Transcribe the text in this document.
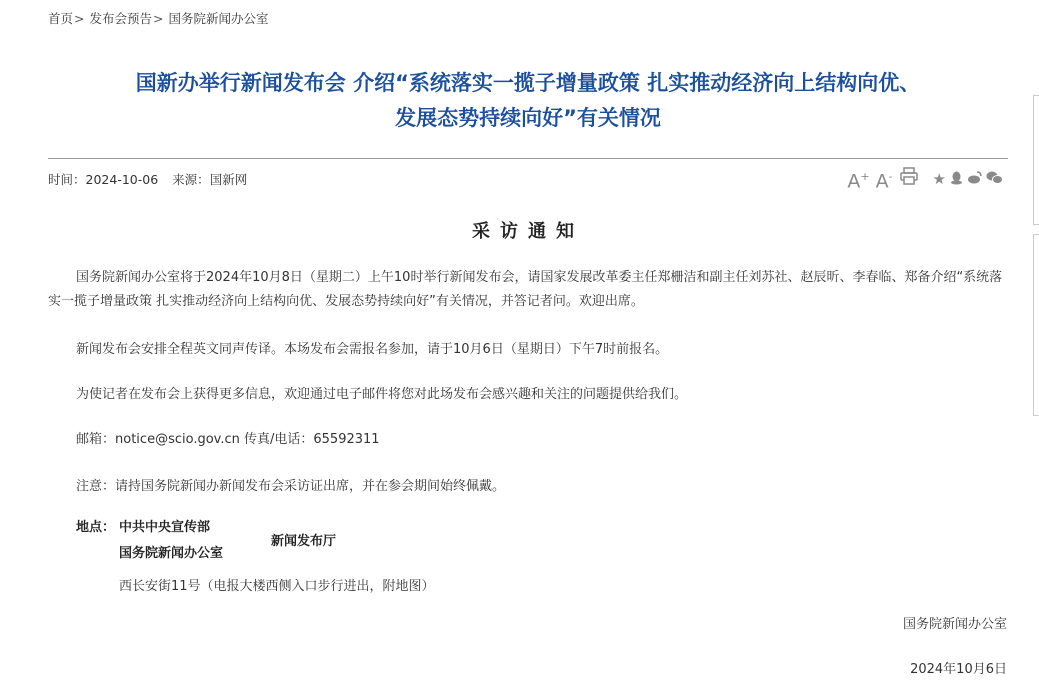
首页> 发布会预告> 国务院新闻办公室
国新办举行新闻发布会 介绍“系统落实一揽子增量政策 扎实推动经济向上结构向优、
发展态势持续向好”有关情况
时间：2024-10-06 来源：国新网	A+ A-	★
采访通知
国务院新闻办公室将于2024年10月8日（星期二）上午10时举行新闻发布会，请国家发展改革委主任郑栅洁和副主任刘苏社、赵辰昕、李春临、郑备介绍“系统落实一揽子增量政策 扎实推动经济向上结构向优、发展态势持续向好”有关情况，并答记者问。欢迎出席。
新闻发布会安排全程英文同声传译。本场发布会需报名参加，请于10月6日（星期日）下午7时前报名。
为使记者在发布会上获得更多信息，欢迎通过电子邮件将您对此场发布会感兴趣和关注的问题提供给我们。
邮箱：notice@scio.gov.cn 传真/电话：65592311
注意：请持国务院新闻办新闻发布会采访证出席，并在参会期间始终佩戴。
地点： 中共中央宣传部
国务院新闻办公室
新闻发布厅
西长安街11号（电报大楼西侧入口步行进出，附地图）
国务院新闻办公室
2024年10月6日
